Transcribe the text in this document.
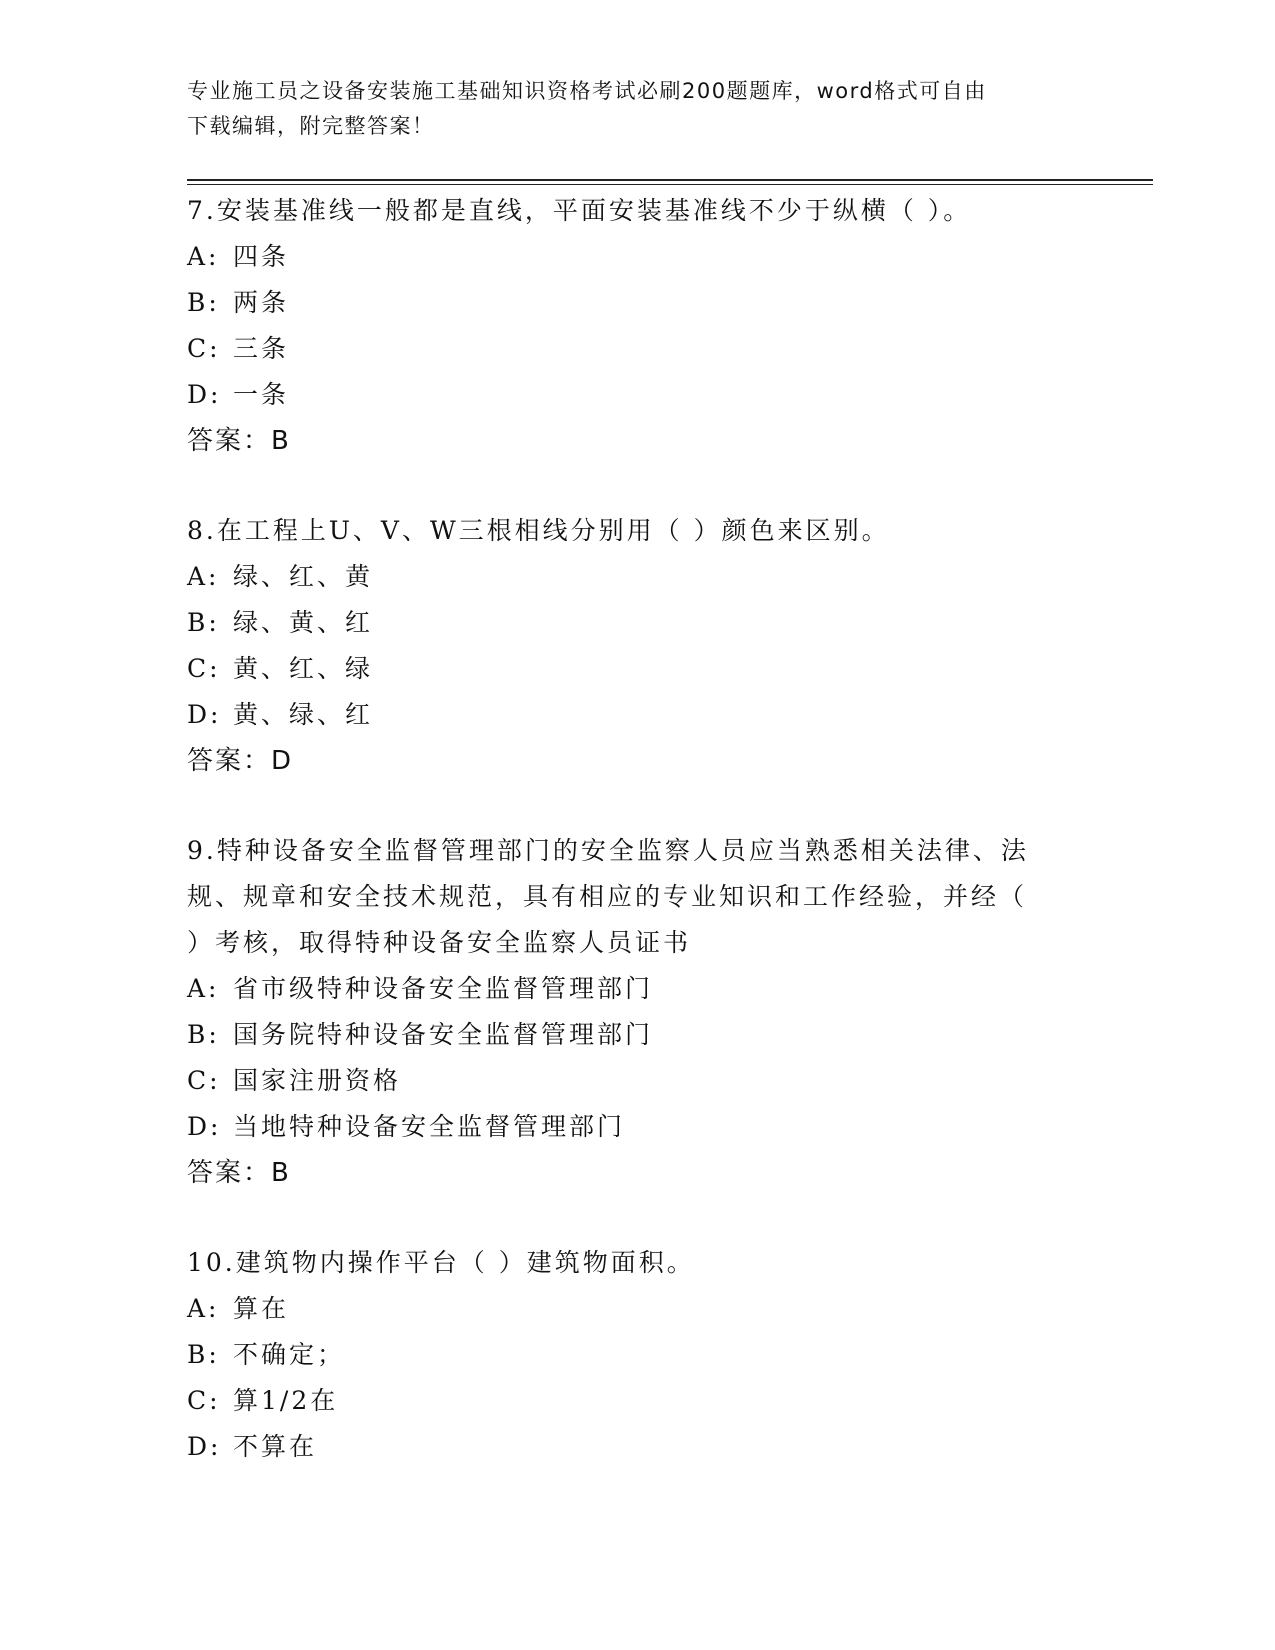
专业施工员之设备安装施工基础知识资格考试必刷200题题库，word格式可自由
下载编辑，附完整答案！

7.安装基准线一般都是直线，平面安装基准线不少于纵横（ ）。

A: 四条

B: 两条

C: 三条

D: 一条

答案：B

8.在工程上U、V、W三根相线分别用（ ）颜色来区别。

A: 绿、红、黄

B: 绿、黄、红

C: 黄、红、绿

D: 黄、绿、红

答案：D

9.特种设备安全监督管理部门的安全监察人员应当熟悉相关法律、法

规、规章和安全技术规范，具有相应的专业知识和工作经验，并经（

）考核，取得特种设备安全监察人员证书

A: 省市级特种设备安全监督管理部门

B: 国务院特种设备安全监督管理部门

C: 国家注册资格

D: 当地特种设备安全监督管理部门

答案：B

10.建筑物内操作平台（ ）建筑物面积。

A: 算在

B: 不确定；

C: 算1/2在

D: 不算在
